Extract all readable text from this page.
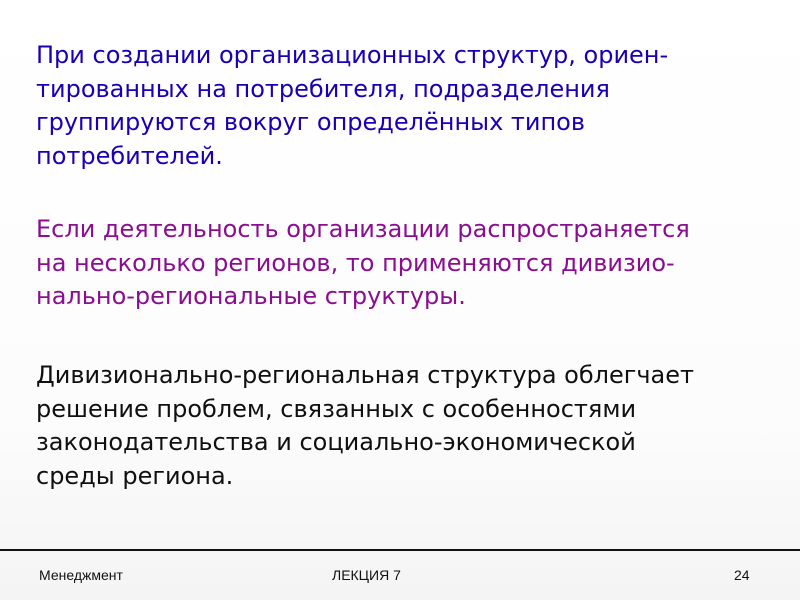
При создании организационных структур, ориен-
тированных на потребителя, подразделения
группируются вокруг определённых типов
потребителей.

Если деятельность организации распространяется
на несколько регионов, то применяются дивизио-
нально-региональные структуры.

Дивизионально-региональная структура облегчает
решение проблем, связанных с особенностями
законодательства и социально-экономической
среды региона.

Менеджмент	ЛЕКЦИЯ 7	24
